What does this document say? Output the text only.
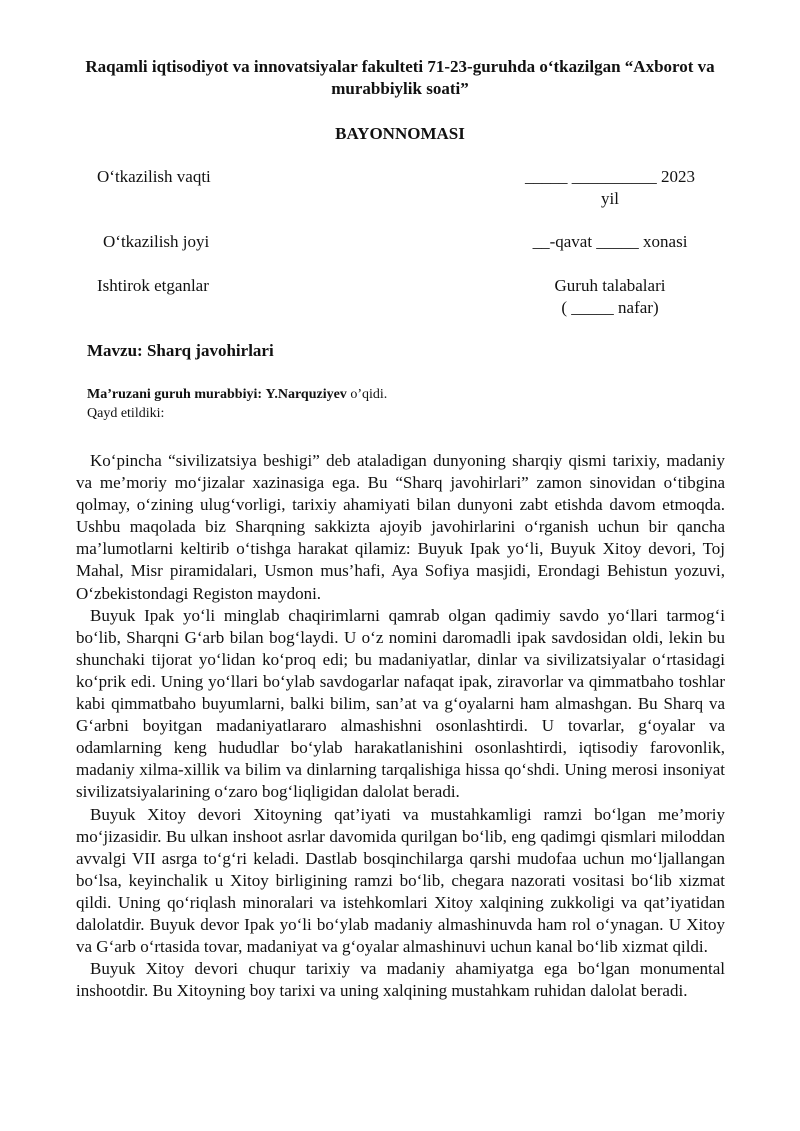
Raqamli iqtisodiyot va innovatsiyalar fakulteti 71-23-guruhda o‘tkazilgan “Axborot va murabbiylik soati”
BAYONNOMASI
O‘tkazilish vaqti	_____ __________ 2023
yil
O‘tkazilish joyi	__-qavat _____ xonasi
Ishtirok etganlar	Guruh talabalari
( _____ nafar)
Mavzu: Sharq javohirlari
Ma’ruzani guruh murabbiyi: Y.Narquziyev o’qidi.
Qayd etildiki:

Ko‘pincha “sivilizatsiya beshigi” deb ataladigan dunyoning sharqiy qismi tarixiy, madaniy va me’moriy mo‘jizalar xazinasiga ega. Bu “Sharq javohirlari” zamon sinovidan o‘tibgina qolmay, o‘zining ulug‘vorligi, tarixiy ahamiyati bilan dunyoni zabt etishda davom etmoqda. Ushbu maqolada biz Sharqning sakkizta ajoyib javohirlarini o‘rganish uchun bir qancha ma’lumotlarni keltirib o‘tishga harakat qilamiz: Buyuk Ipak yo‘li, Buyuk Xitoy devori, Toj Mahal, Misr piramidalari, Usmon mus’hafi, Aya Sofiya masjidi, Erondagi Behistun yozuvi, O‘zbekistondagi Registon maydoni.

Buyuk Ipak yo‘li minglab chaqirimlarni qamrab olgan qadimiy savdo yo‘llari tarmog‘i bo‘lib, Sharqni G‘arb bilan bog‘laydi. U o‘z nomini daromadli ipak savdosidan oldi, lekin bu shunchaki tijorat yo‘lidan ko‘proq edi; bu madaniyatlar, dinlar va sivilizatsiyalar o‘rtasidagi ko‘prik edi. Uning yo‘llari bo‘ylab savdogarlar nafaqat ipak, ziravorlar va qimmatbaho toshlar kabi qimmatbaho buyumlarni, balki bilim, san’at va g‘oyalarni ham almashgan. Bu Sharq va G‘arbni boyitgan madaniyatlararo almashishni osonlashtirdi. U tovarlar, g‘oyalar va odamlarning keng hududlar bo‘ylab harakatlanishini osonlashtirdi, iqtisodiy farovonlik, madaniy xilma-xillik va bilim va dinlarning tarqalishiga hissa qo‘shdi. Uning merosi insoniyat sivilizatsiyalarining o‘zaro bog‘liqligidan dalolat beradi.

Buyuk Xitoy devori Xitoyning qat’iyati va mustahkamligi ramzi bo‘lgan me’moriy mo‘jizasidir. Bu ulkan inshoot asrlar davomida qurilgan bo‘lib, eng qadimgi qismlari miloddan avvalgi VII asrga to‘g‘ri keladi. Dastlab bosqinchilarga qarshi mudofaa uchun mo‘ljallangan bo‘lsa, keyinchalik u Xitoy birligining ramzi bo‘lib, chegara nazorati vositasi bo‘lib xizmat qildi. Uning qo‘riqlash minoralari va istehkomlari Xitoy xalqining zukkoligi va qat’iyatidan dalolatdir. Buyuk devor Ipak yo‘li bo‘ylab madaniy almashinuvda ham rol o‘ynagan. U Xitoy va G‘arb o‘rtasida tovar, madaniyat va g‘oyalar almashinuvi uchun kanal bo‘lib xizmat qildi.

Buyuk Xitoy devori chuqur tarixiy va madaniy ahamiyatga ega bo‘lgan monumental inshootdir. Bu Xitoyning boy tarixi va uning xalqining mustahkam ruhidan dalolat beradi.
